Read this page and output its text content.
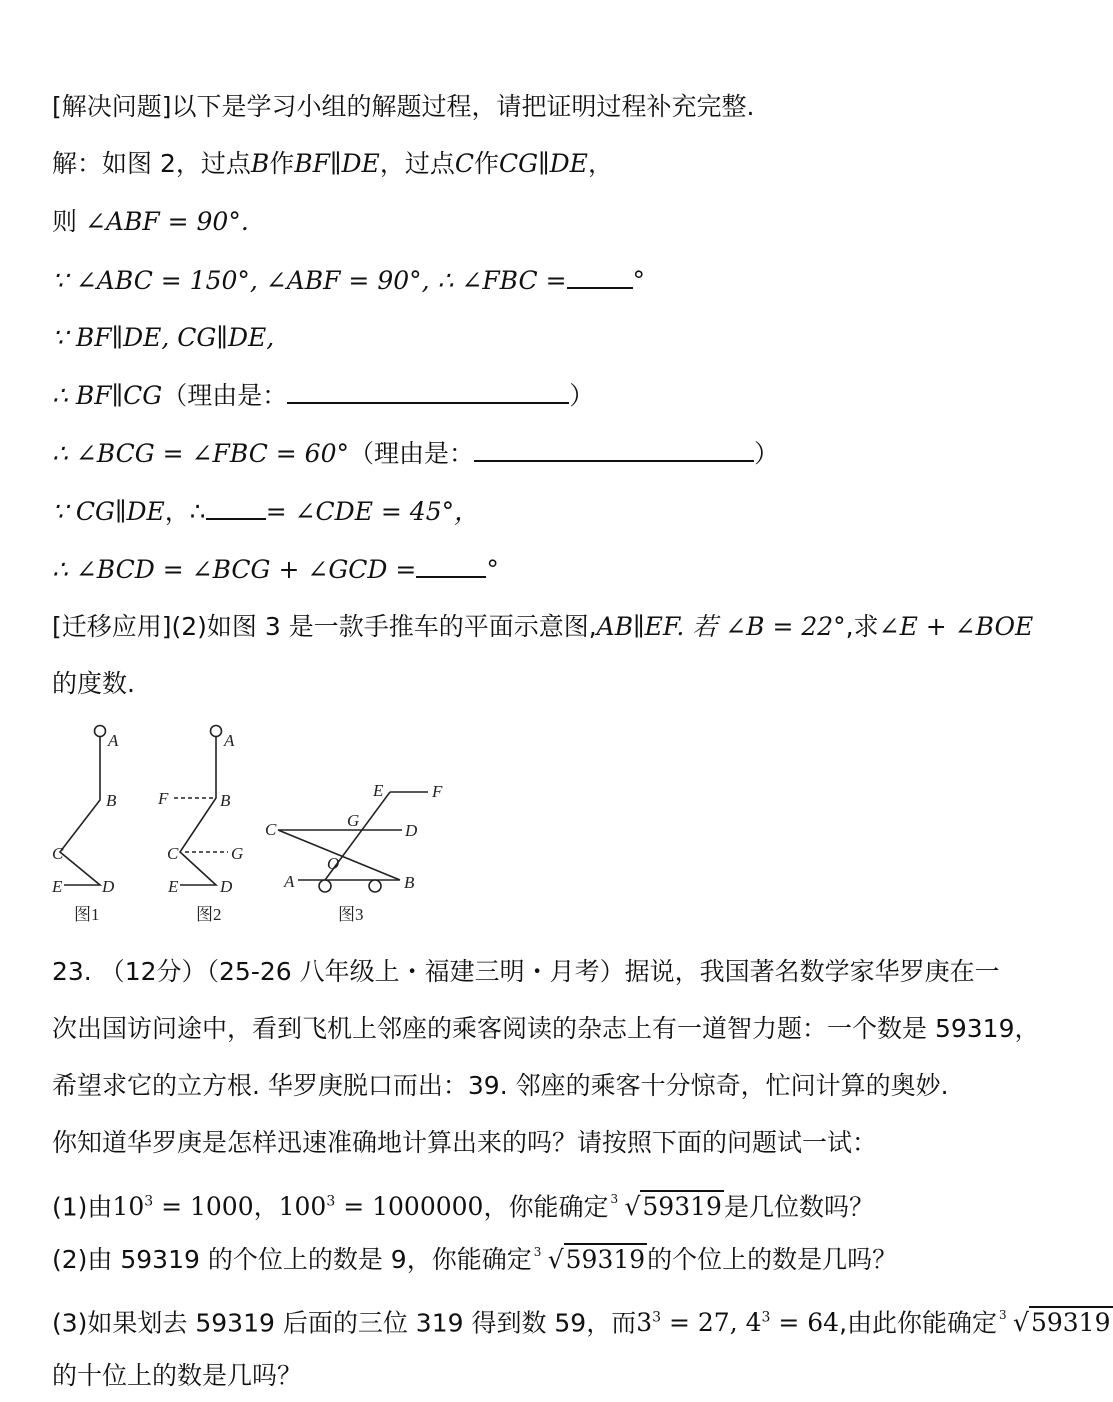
[解决问题]以下是学习小组的解题过程，请把证明过程补充完整.
解：如图 2，过点B作BF∥DE，过点C作CG∥DE，
则 ∠ABF = 90°.
∵ ∠ABC = 150°, ∠ABF = 90°, ∴ ∠FBC =	°
∵ BF∥DE, CG∥DE,
∴ BF∥CG（理由是：	）
∴ ∠BCG = ∠FBC = 60°（理由是：	）
∵ CG∥DE，∴ = ∠CDE = 45°，
∴ ∠BCD = ∠BCG + ∠GCD =	°
[迁移应用](2)如图 3 是一款手推车的平面示意图,AB∥EF. 若 ∠B = 22°,求∠E + ∠BOE
的度数.
A
B
C
E D
图1
A
F	B
C	G
E D
图2
E	F
C	G
D
O
A	B
图3
23. （12分）（25-26 八年级上・福建三明・月考）据说，我国著名数学家华罗庚在一
次出国访问途中，看到飞机上邻座的乘客阅读的杂志上有一道智力题：一个数是 59319，
希望求它的立方根. 华罗庚脱口而出：39. 邻座的乘客十分惊奇，忙问计算的奥妙.
你知道华罗庚是怎样迅速准确地计算出来的吗？请按照下面的问题试一试：
(1)由$10^3 = 1000$，$100^3 = 1000000$，你能确定 3 √59319是几位数吗？
(2)由 59319 的个位上的数是 9，你能确定 3 √59319的个位上的数是几吗？
(3)如果划去 59319 后面的三位 319 得到数 59，而$3^3 = 27$, $4^3 = 64$,由此你能确定 3 √59319
的十位上的数是几吗？
